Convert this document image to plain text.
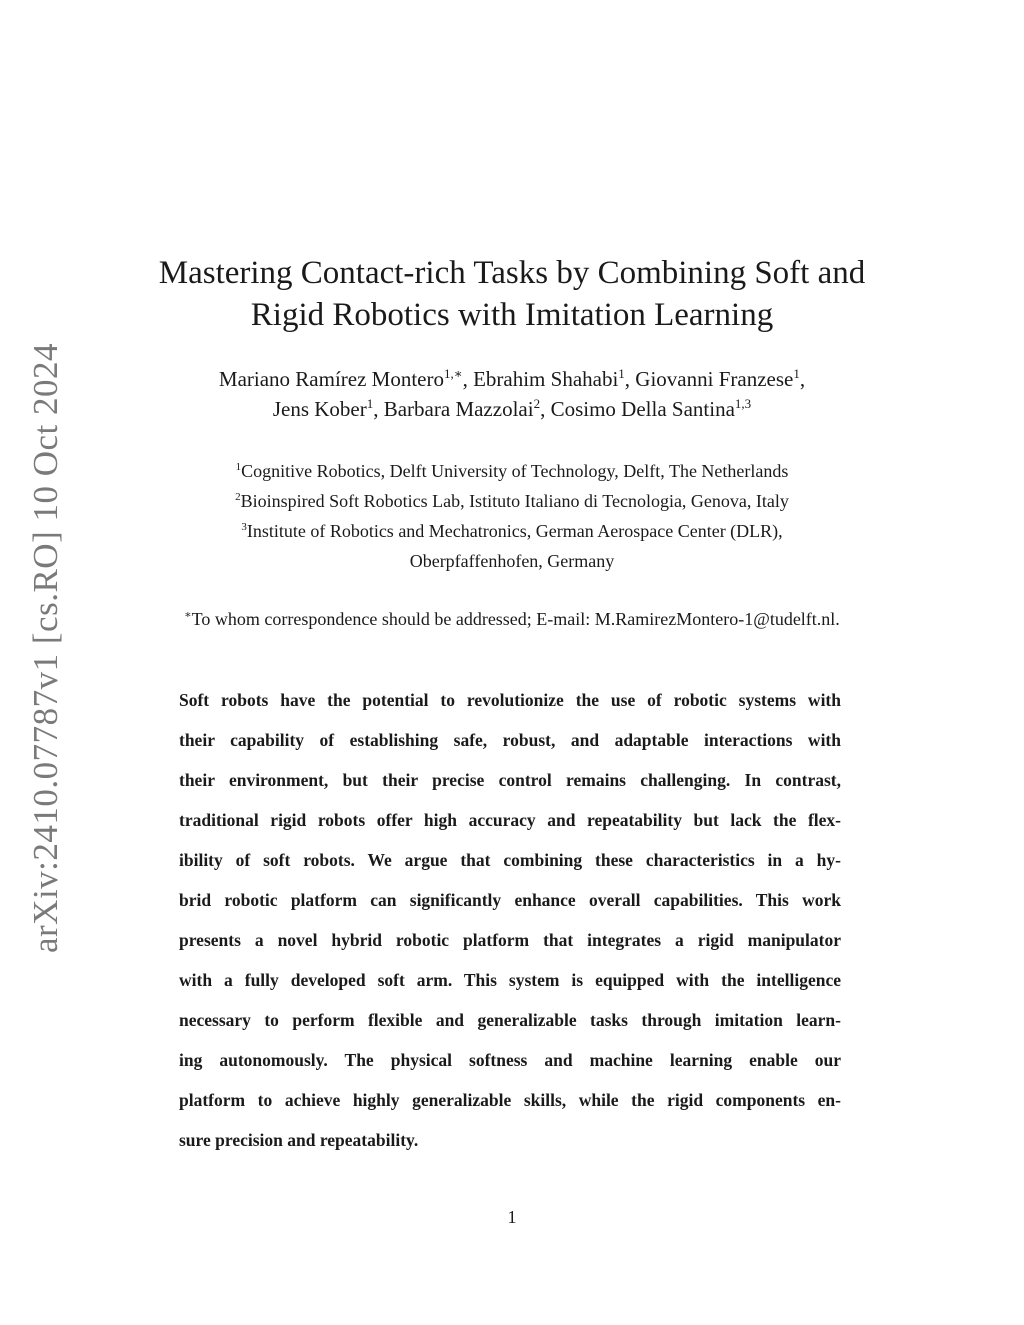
arXiv:2410.07787v1 [cs.RO] 10 Oct 2024
Mastering Contact-rich Tasks by Combining Soft and
Rigid Robotics with Imitation Learning
Mariano Ramírez Montero$^{1,∗}$, Ebrahim Shahabi$^1$, Giovanni Franzese$^1$,
Jens Kober$^1$, Barbara Mazzolai$^2$, Cosimo Della Santina$^{1,3}$
$^1$Cognitive Robotics, Delft University of Technology, Delft, The Netherlands
$^2$Bioinspired Soft Robotics Lab, Istituto Italiano di Tecnologia, Genova, Italy
$^3$Institute of Robotics and Mechatronics, German Aerospace Center (DLR),
Oberpfaffenhofen, Germany
∗To whom correspondence should be addressed; E-mail: M.RamirezMontero-1@tudelft.nl.
Soft robots have the potential to revolutionize the use of robotic systems with
their capability of establishing safe, robust, and adaptable interactions with
their environment, but their precise control remains challenging. In contrast,
traditional rigid robots offer high accuracy and repeatability but lack the flex-
ibility of soft robots. We argue that combining these characteristics in a hy-
brid robotic platform can significantly enhance overall capabilities. This work
presents a novel hybrid robotic platform that integrates a rigid manipulator
with a fully developed soft arm. This system is equipped with the intelligence
necessary to perform flexible and generalizable tasks through imitation learn-
ing autonomously. The physical softness and machine learning enable our
platform to achieve highly generalizable skills, while the rigid components en-
sure precision and repeatability.
1
